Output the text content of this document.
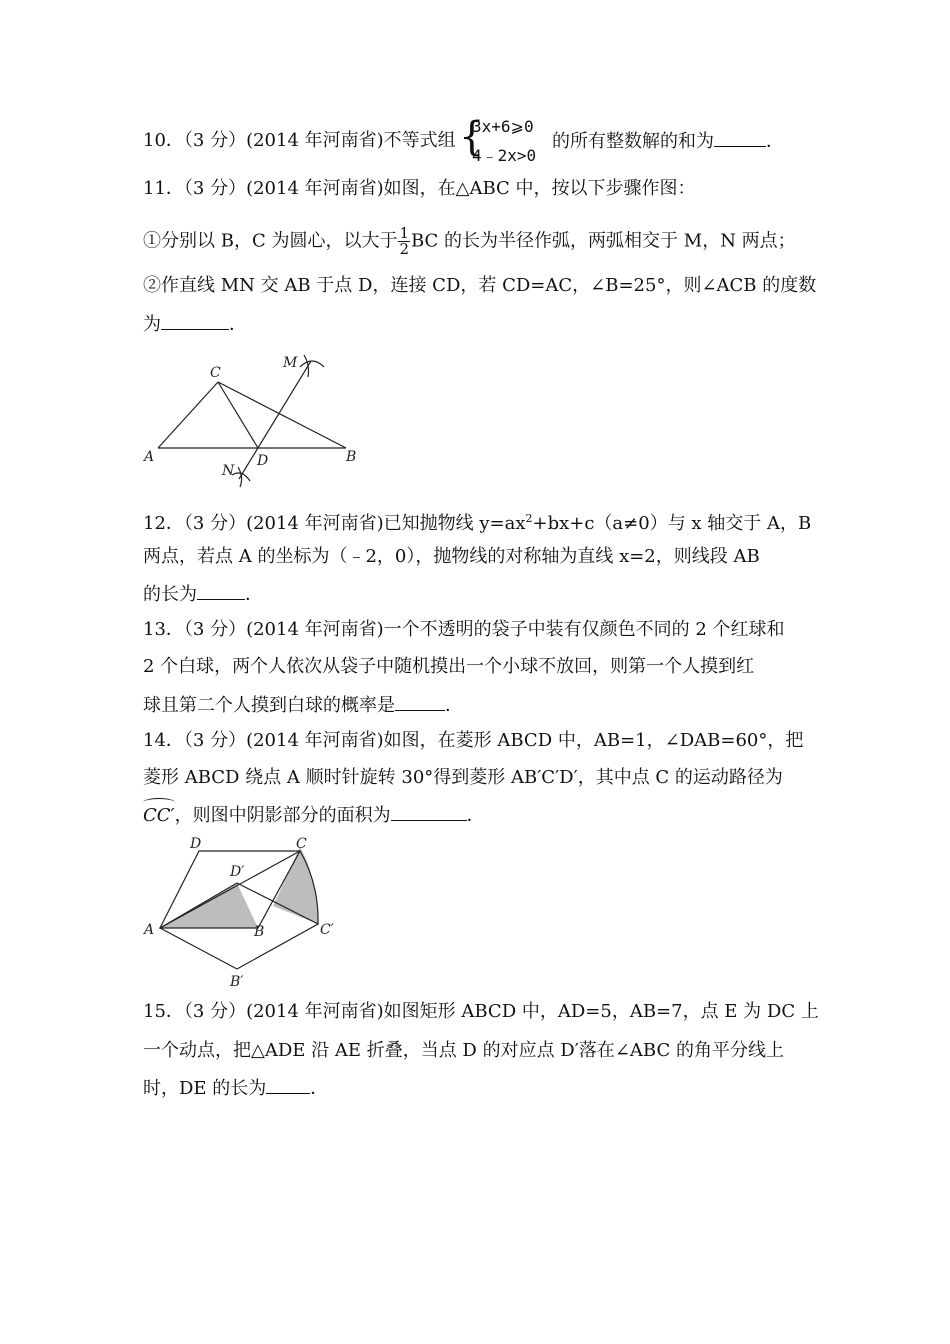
10．（3 分）(2014 年河南省)不等式组 {
3x+6⩾0
4﹣2x>0
的所有整数解的和为	．
11．（3 分）(2014 年河南省)如图，在△ABC 中，按以下步骤作图：
①分别以 B，C 为圆心，以大于 $\frac{1}{2}$ BC 的长为半径作弧，两弧相交于 M，N 两点；
②作直线 MN 交 AB 于点 D，连接 CD，若 CD=AC，∠B=25°，则∠ACB 的度数
为	．
C
A	D	B
M
N
12．（3 分）(2014 年河南省)已知抛物线 $y=ax^2+bx+c(a\ne 0)$与 x 轴交于 A，B
两点，若点 A 的坐标为（﹣2，0），抛物线的对称轴为直线 x=2，则线段 AB
的长为	．
13．（3 分）(2014 年河南省)一个不透明的袋子中装有仅颜色不同的 2 个红球和
2 个白球，两个人依次从袋子中随机摸出一个小球不放回，则第一个人摸到红
球且第二个人摸到白球的概率是	．
14．（3 分）(2014 年河南省)如图，在菱形 ABCD 中，AB=1，∠DAB=60°，把
菱形 ABCD 绕点 A 顺时针旋转 30°得到菱形 AB′C′D′，其中点 C 的运动路径为
CC′，则图中阴影部分的面积为	．
D	C
D′
A	B	C′
B′
15．（3 分）(2014 年河南省)如图矩形 ABCD 中，AD=5，AB=7，点 E 为 DC 上
一个动点，把△ADE 沿 AE 折叠，当点 D 的对应点 D′落在∠ABC 的角平分线上
时，DE 的长为 ．
